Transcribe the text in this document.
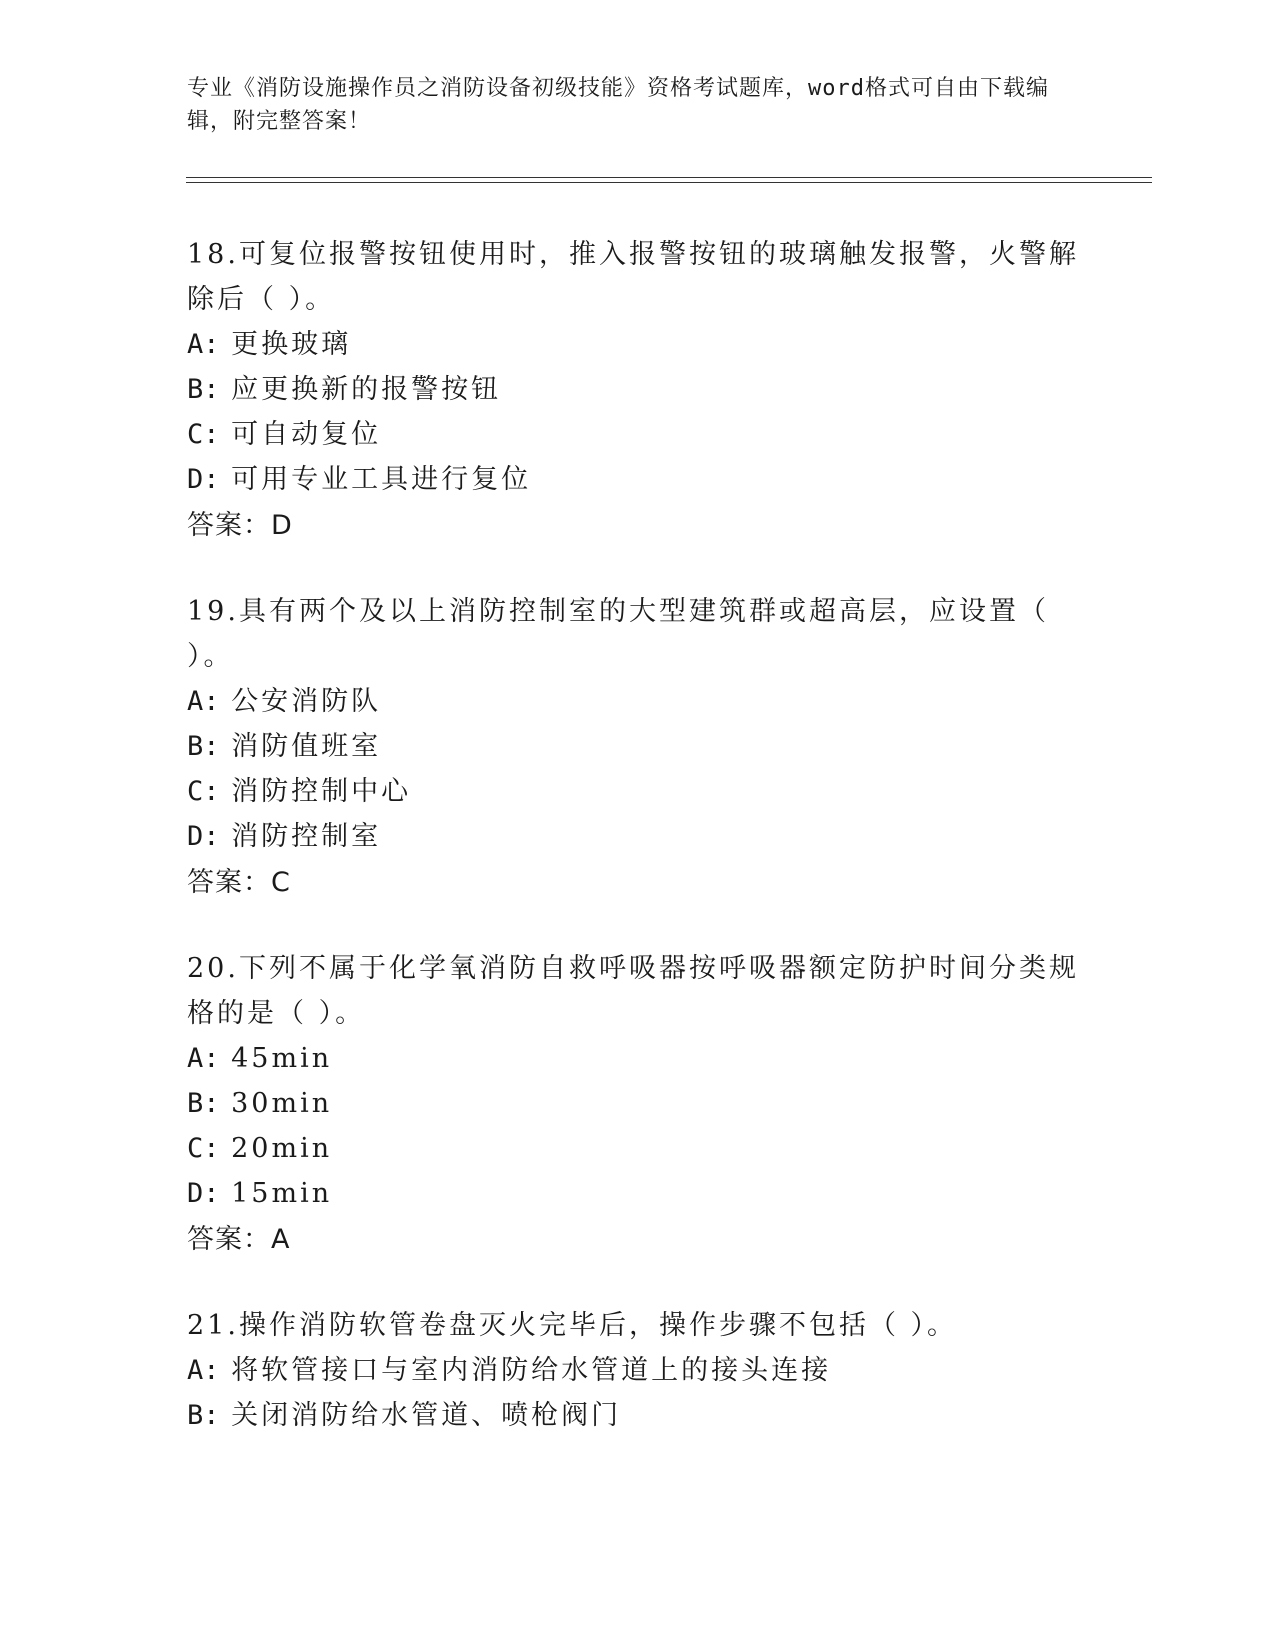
专业《消防设施操作员之消防设备初级技能》资格考试题库，word格式可自由下载编辑，附完整答案！
18.可复位报警按钮使用时，推入报警按钮的玻璃触发报警，火警解除后（ ）。
A: 更换玻璃
B: 应更换新的报警按钮
C: 可自动复位
D: 可用专业工具进行复位
答案：D
19.具有两个及以上消防控制室的大型建筑群或超高层，应设置（ ）。
A: 公安消防队
B: 消防值班室
C: 消防控制中心
D: 消防控制室
答案：C
20.下列不属于化学氧消防自救呼吸器按呼吸器额定防护时间分类规格的是（ ）。
A: 45min
B: 30min
C: 20min
D: 15min
答案：A
21.操作消防软管卷盘灭火完毕后，操作步骤不包括（ ）。
A: 将软管接口与室内消防给水管道上的接头连接
B: 关闭消防给水管道、喷枪阀门
